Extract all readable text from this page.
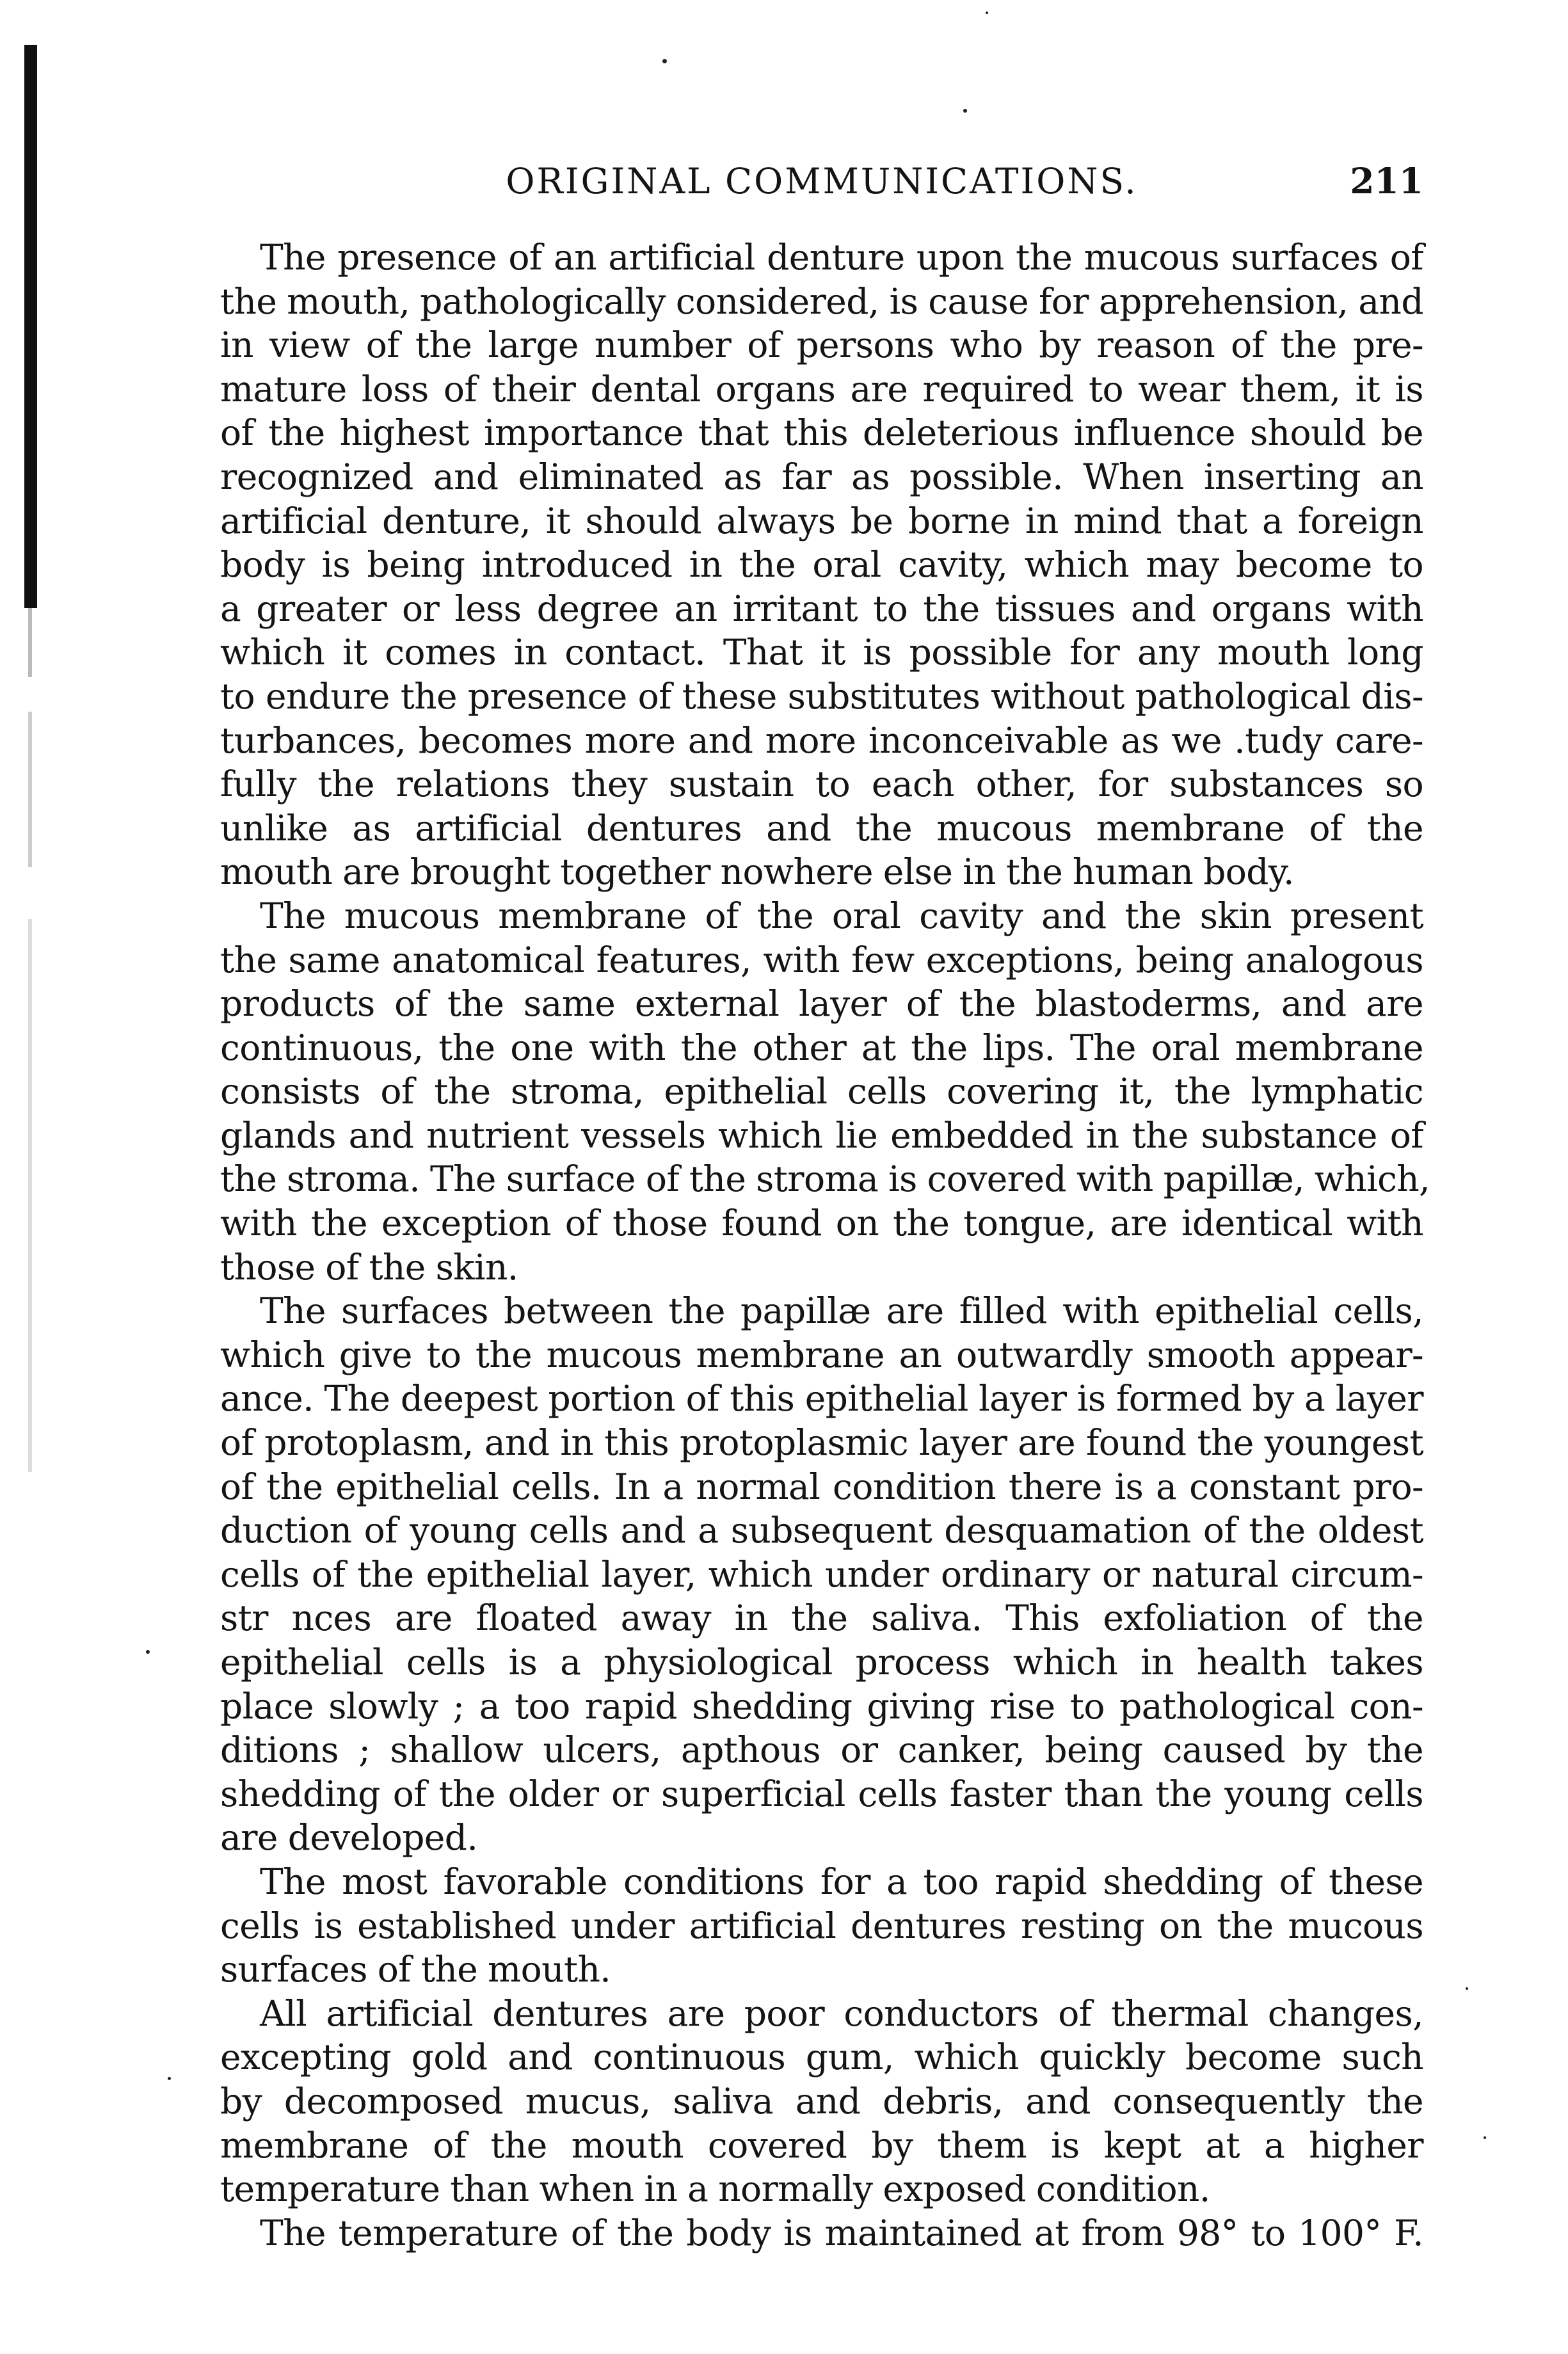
ORIGINAL COMMUNICATIONS.	211
The presence of an artificial denture upon the mucous surfaces of
the mouth, pathologically considered, is cause for apprehension, and
in view of the large number of persons who by reason of the pre-
mature loss of their dental organs are required to wear them, it is
of the highest importance that this deleterious influence should be
recognized and eliminated as far as possible. When inserting an
artificial denture, it should always be borne in mind that a foreign
body is being introduced in the oral cavity, which may become to
a greater or less degree an irritant to the tissues and organs with
which it comes in contact. That it is possible for any mouth long
to endure the presence of these substitutes without pathological dis-
turbances, becomes more and more inconceivable as we .tudy care-
fully the relations they sustain to each other, for substances so
unlike as artificial dentures and the mucous membrane of the
mouth are brought together nowhere else in the human body.
The mucous membrane of the oral cavity and the skin present
the same anatomical features, with few exceptions, being analogous
products of the same external layer of the blastoderms, and are
continuous, the one with the other at the lips. The oral membrane
consists of the stroma, epithelial cells covering it, the lymphatic
glands and nutrient vessels which lie embedded in the substance of
the stroma. The surface of the stroma is covered with papillæ, which,
with the exception of those found on the tongue, are identical with
those of the skin.
The surfaces between the papillæ are filled with epithelial cells,
which give to the mucous membrane an outwardly smooth appear-
ance. The deepest portion of this epithelial layer is formed by a layer
of protoplasm, and in this protoplasmic layer are found the youngest
of the epithelial cells. In a normal condition there is a constant pro-
duction of young cells and a subsequent desquamation of the oldest
cells of the epithelial layer, which under ordinary or natural circum-
str nces are floated away in the saliva. This exfoliation of the
epithelial cells is a physiological process which in health takes
place slowly ; a too rapid shedding giving rise to pathological con-
ditions ; shallow ulcers, apthous or canker, being caused by the
shedding of the older or superficial cells faster than the young cells
are developed.
The most favorable conditions for a too rapid shedding of these
cells is established under artificial dentures resting on the mucous
surfaces of the mouth.
All artificial dentures are poor conductors of thermal changes,
excepting gold and continuous gum, which quickly become such
by decomposed mucus, saliva and debris, and consequently the
membrane of the mouth covered by them is kept at a higher
temperature than when in a normally exposed condition.
The temperature of the body is maintained at from 98° to 100° F.
